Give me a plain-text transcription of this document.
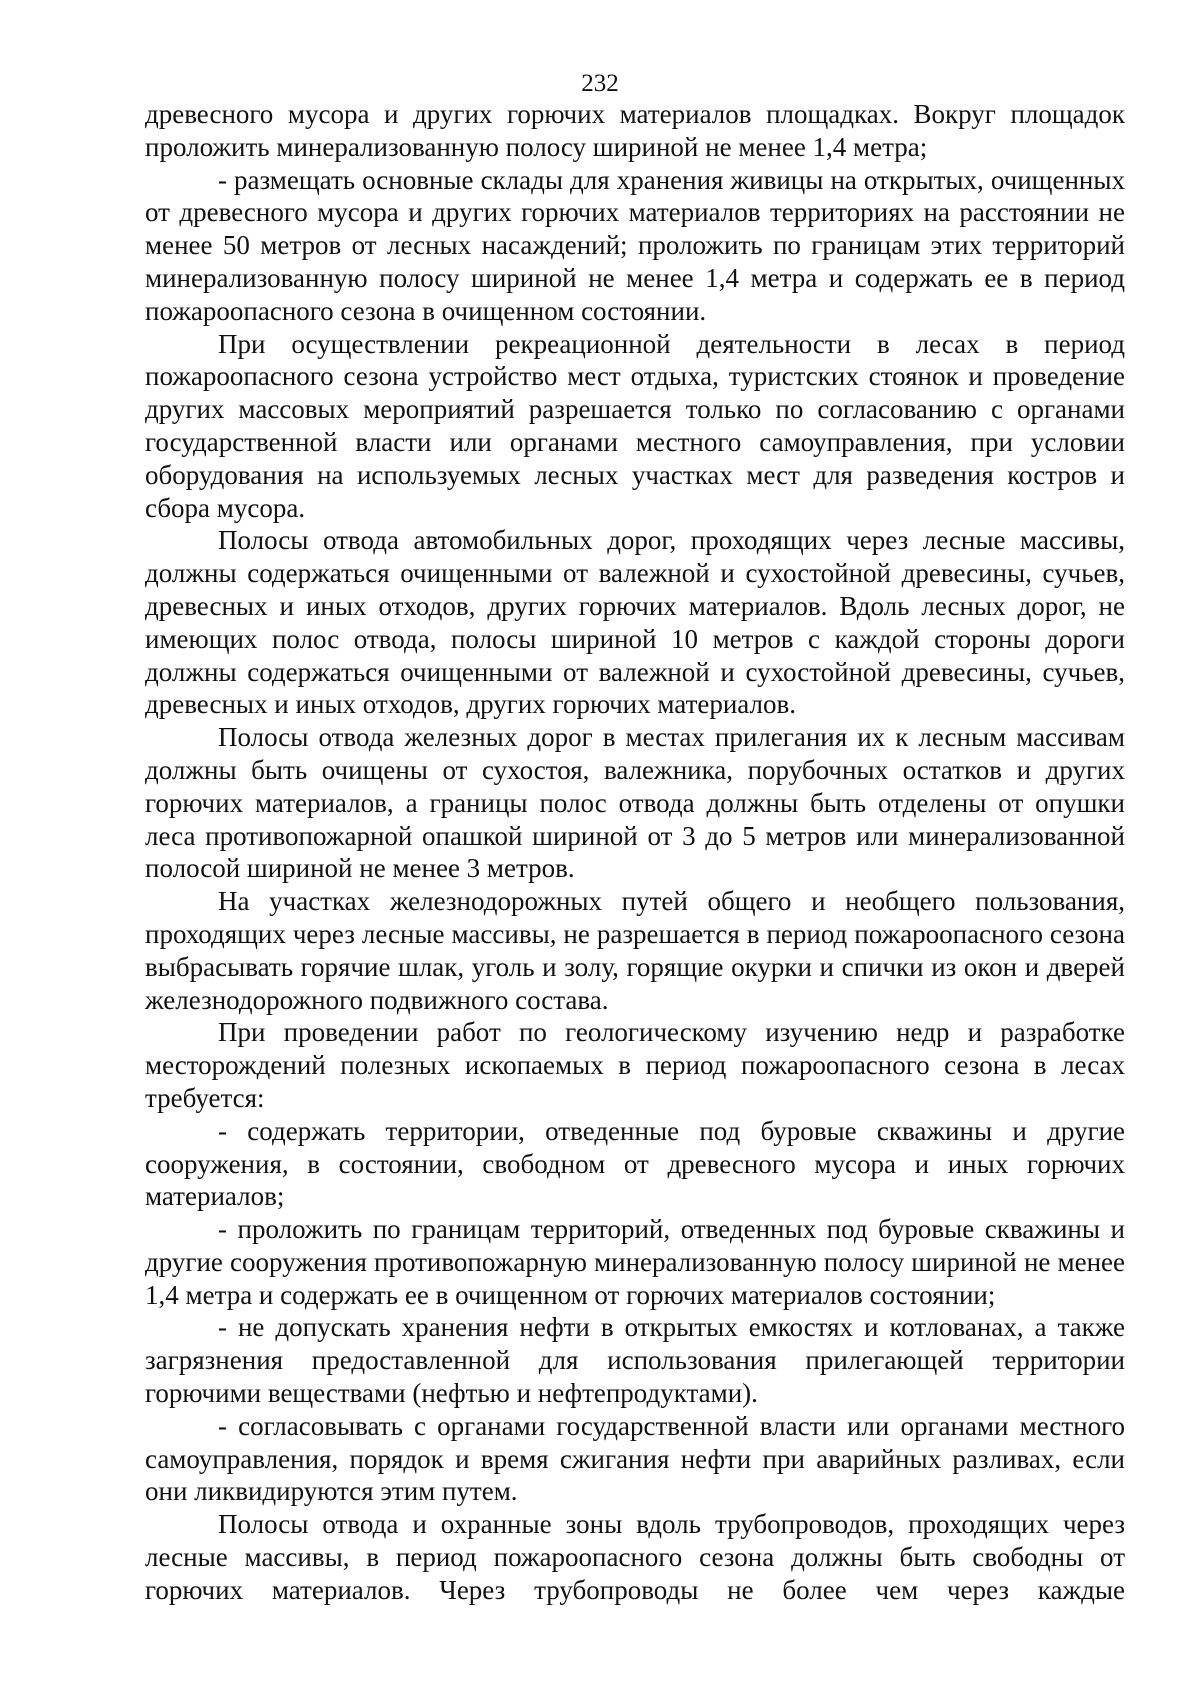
232

древесного мусора и других горючих материалов площадках. Вокруг площадок проложить минерализованную полосу шириной не менее 1,4 метра;

- размещать основные склады для хранения живицы на открытых, очищенных от древесного мусора и других горючих материалов территориях на расстоянии не менее 50 метров от лесных насаждений; проложить по границам этих территорий минерализованную полосу шириной не менее 1,4 метра и содержать ее в период пожароопасного сезона в очищенном состоянии.

При осуществлении рекреационной деятельности в лесах в период пожароопасного сезона устройство мест отдыха, туристских стоянок и проведение других массовых мероприятий разрешается только по согласованию с органами государственной власти или органами местного самоуправления, при условии оборудования на используемых лесных участках мест для разведения костров и сбора мусора.

Полосы отвода автомобильных дорог, проходящих через лесные массивы, должны содержаться очищенными от валежной и сухостойной древесины, сучьев, древесных и иных отходов, других горючих материалов. Вдоль лесных дорог, не имеющих полос отвода, полосы шириной 10 метров с каждой стороны дороги должны содержаться очищенными от валежной и сухостойной древесины, сучьев, древесных и иных отходов, других горючих материалов.

Полосы отвода железных дорог в местах прилегания их к лесным массивам должны быть очищены от сухостоя, валежника, порубочных остатков и других горючих материалов, а границы полос отвода должны быть отделены от опушки леса противопожарной опашкой шириной от 3 до 5 метров или минерализованной полосой шириной не менее 3 метров.

На участках железнодорожных путей общего и необщего пользования, проходящих через лесные массивы, не разрешается в период пожароопасного сезона выбрасывать горячие шлак, уголь и золу, горящие окурки и спички из окон и дверей железнодорожного подвижного состава.

При проведении работ по геологическому изучению недр и разработке месторождений полезных ископаемых в период пожароопасного сезона в лесах требуется:

- содержать территории, отведенные под буровые скважины и другие сооружения, в состоянии, свободном от древесного мусора и иных горючих материалов;

- проложить по границам территорий, отведенных под буровые скважины и другие сооружения противопожарную минерализованную полосу шириной не менее 1,4 метра и содержать ее в очищенном от горючих материалов состоянии;

- не допускать хранения нефти в открытых емкостях и котлованах, а также загрязнения предоставленной для использования прилегающей территории горючими веществами (нефтью и нефтепродуктами).

- согласовывать с органами государственной власти или органами местного самоуправления, порядок и время сжигания нефти при аварийных разливах, если они ликвидируются этим путем.

Полосы отвода и охранные зоны вдоль трубопроводов, проходящих через лесные массивы, в период пожароопасного сезона должны быть свободны от горючих материалов. Через трубопроводы не более чем через каждые
